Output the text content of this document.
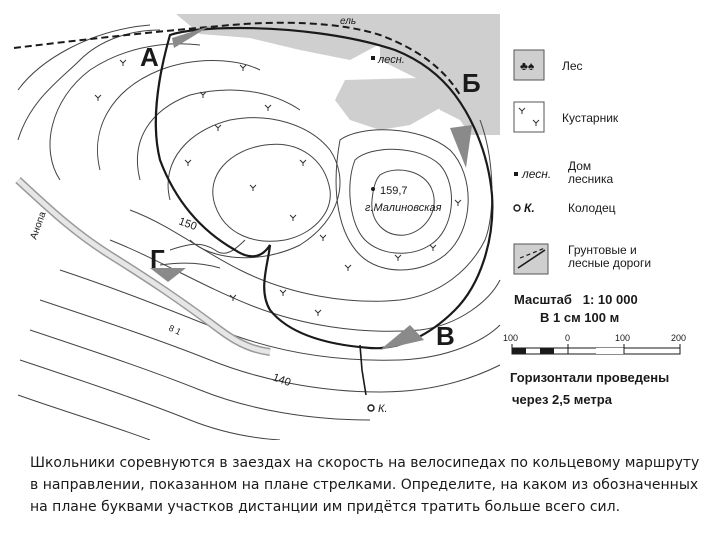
А
Б
В
Г
159,7
г.Малиновская
лесн.
К.
ель
150
140
Анопа
8 1
♣♠ Лес
Кустарник
лесн.
Дом
лесника
К.	Колодец
Грунтовые и
лесные дороги
Масштаб   1: 10 000
В 1 см 100 м
100	0	100	200
Горизонтали проведены
через 2,5 метра
Школьники соревнуются в заездах на скорость на велосипедах по кольцевому маршруту в направлении, показанном на плане стрелками. Определите, на каком из обозначенных на плане буквами участков дистанции им придётся тратить больше всего сил.
